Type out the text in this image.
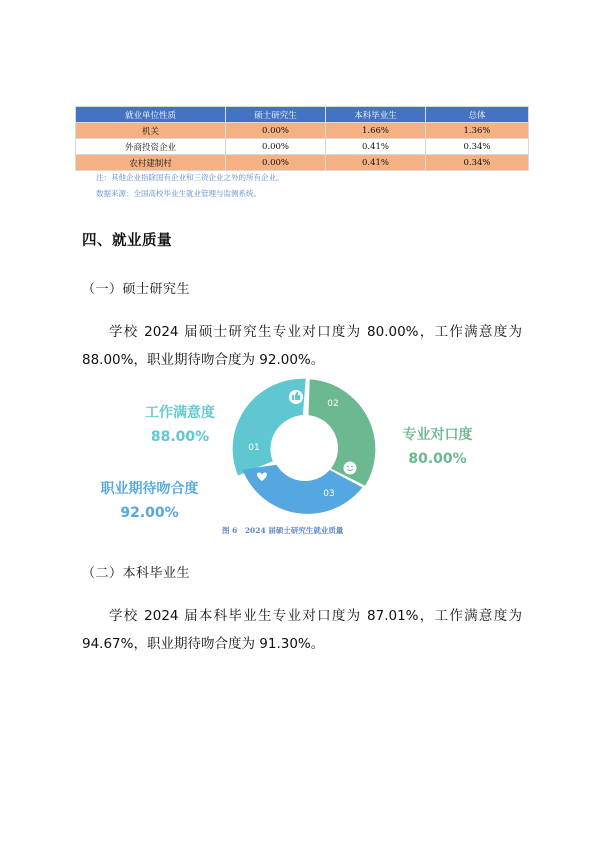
就业单位性质	硕士研究生	本科毕业生	总体
机关	0.00%	1.66%	1.36%
外商投资企业	0.00%	0.41%	0.34%
农村建制村	0.00%	0.41%	0.34%
注：其他企业指除国有企业和三资企业之外的所有企业。
数据来源：全国高校毕业生就业管理与监测系统。
四、就业质量
（一）硕士研究生

学校 2024 届硕士研究生专业对口度为 80.00%，工作满意度为 88.00%，职业期待吻合度为 92.00%。

01
02
03
工作满意度
88.00%	专业对口度
80.00%
职业期待吻合度
92.00%
图 6　2024 届硕士研究生就业质量
（二）本科毕业生

学校 2024 届本科毕业生专业对口度为 87.01%，工作满意度为 94.67%，职业期待吻合度为 91.30%。
